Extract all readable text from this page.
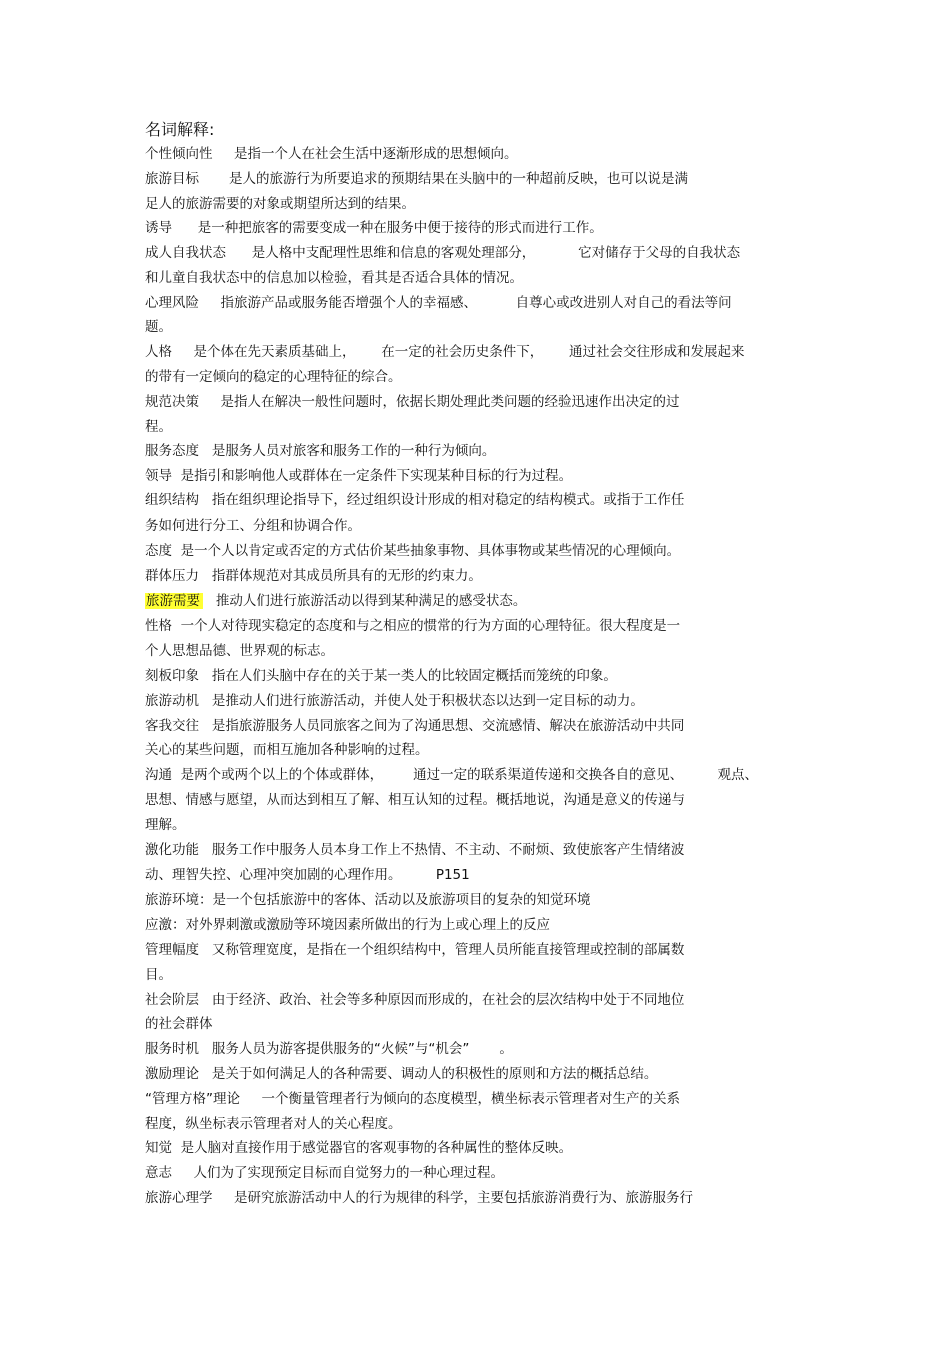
名词解释:
个性倾向性     是指一个人在社会生活中逐渐形成的思想倾向。
旅游目标       是人的旅游行为所要追求的预期结果在头脑中的一种超前反映，也可以说是满
足人的旅游需要的对象或期望所达到的结果。
诱导      是一种把旅客的需要变成一种在服务中便于接待的形式而进行工作。
成人自我状态      是人格中支配理性思维和信息的客观处理部分，          它对储存于父母的自我状态
和儿童自我状态中的信息加以检验，看其是否适合具体的情况。
心理风险     指旅游产品或服务能否增强个人的幸福感、         自尊心或改进别人对自己的看法等问
题。
人格     是个体在先天素质基础上，      在一定的社会历史条件下，      通过社会交往形成和发展起来
的带有一定倾向的稳定的心理特征的综合。
规范决策     是指人在解决一般性问题时，依据长期处理此类问题的经验迅速作出决定的过
程。
服务态度   是服务人员对旅客和服务工作的一种行为倾向。
领导  是指引和影响他人或群体在一定条件下实现某种目标的行为过程。
组织结构   指在组织理论指导下，经过组织设计形成的相对稳定的结构模式。或指于工作任
务如何进行分工、分组和协调合作。
态度  是一个人以肯定或否定的方式估价某些抽象事物、具体事物或某些情况的心理倾向。
群体压力   指群体规范对其成员所具有的无形的约束力。
旅游需要   推动人们进行旅游活动以得到某种满足的感受状态。
性格  一个人对待现实稳定的态度和与之相应的惯常的行为方面的心理特征。很大程度是一
个人思想品德、世界观的标志。
刻板印象   指在人们头脑中存在的关于某一类人的比较固定概括而笼统的印象。
旅游动机   是推动人们进行旅游活动，并使人处于积极状态以达到一定目标的动力。
客我交往   是指旅游服务人员同旅客之间为了沟通思想、交流感情、解决在旅游活动中共同
关心的某些问题，而相互施加各种影响的过程。
沟通  是两个或两个以上的个体或群体，       通过一定的联系渠道传递和交换各自的意见、        观点、
思想、情感与愿望，从而达到相互了解、相互认知的过程。概括地说，沟通是意义的传递与
理解。
激化功能   服务工作中服务人员本身工作上不热情、不主动、不耐烦、致使旅客产生情绪波
动、理智失控、心理冲突加剧的心理作用。        P151
旅游环境：是一个包括旅游中的客体、活动以及旅游项目的复杂的知觉环境
应激：对外界刺激或激励等环境因素所做出的行为上或心理上的反应
管理幅度   又称管理宽度，是指在一个组织结构中，管理人员所能直接管理或控制的部属数
目。
社会阶层   由于经济、政治、社会等多种原因而形成的，在社会的层次结构中处于不同地位
的社会群体
服务时机   服务人员为游客提供服务的“火候”与“机会”       。
激励理论   是关于如何满足人的各种需要、调动人的积极性的原则和方法的概括总结。
“管理方格”理论     一个衡量管理者行为倾向的态度模型，横坐标表示管理者对生产的关系
程度，纵坐标表示管理者对人的关心程度。
知觉  是人脑对直接作用于感觉器官的客观事物的各种属性的整体反映。
意志     人们为了实现预定目标而自觉努力的一种心理过程。
旅游心理学     是研究旅游活动中人的行为规律的科学，主要包括旅游消费行为、旅游服务行
